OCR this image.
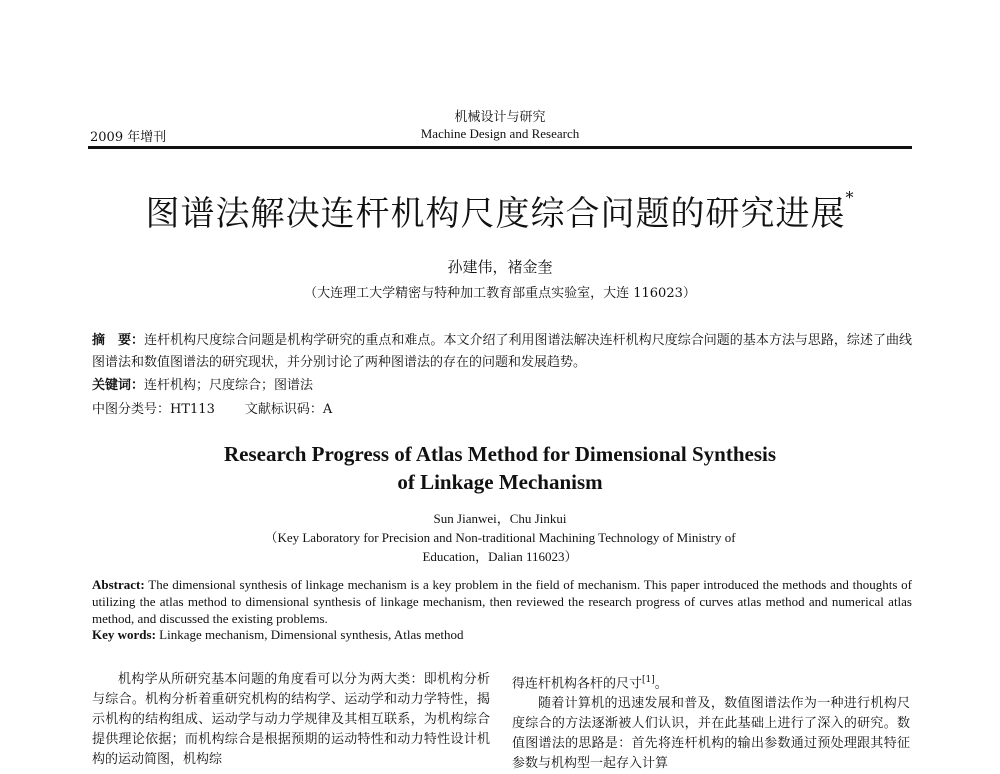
机械设计与研究
Machine Design and Research
2009 年增刊
图谱法解决连杆机构尺度综合问题的研究进展*
孙建伟，褚金奎
（大连理工大学精密与特种加工教育部重点实验室，大连 116023）
摘　要：连杆机构尺度综合问题是机构学研究的重点和难点。本文介绍了利用图谱法解决连杆机构尺度综合问题的基本方法与思路，综述了曲线图谱法和数值图谱法的研究现状，并分别讨论了两种图谱法的存在的问题和发展趋势。
关键词：连杆机构；尺度综合；图谱法
中图分类号：HT113 文献标识码：A
Research Progress of Atlas Method for Dimensional Synthesis
of Linkage Mechanism
Sun Jianwei，Chu Jinkui
（Key Laboratory for Precision and Non-traditional Machining Technology of Ministry of
Education，Dalian 116023）
Abstract: The dimensional synthesis of linkage mechanism is a key problem in the field of mechanism. This paper introduced the methods and thoughts of utilizing the atlas method to dimensional synthesis of linkage mechanism, then reviewed the research progress of curves atlas method and numerical atlas method, and discussed the existing problems.
Key words: Linkage mechanism, Dimensional synthesis, Atlas method

机构学从所研究基本问题的角度看可以分为两大类：即机构分析与综合。机构分析着重研究机构的结构学、运动学和动力学特性，揭示机构的结构组成、运动学与动力学规律及其相互联系，为机构综合提供理论依据；而机构综合是根据预期的运动特性和动力特性设计机构的运动简图，机构综

得连杆机构各杆的尺寸[1]。

随着计算机的迅速发展和普及，数值图谱法作为一种进行机构尺度综合的方法逐渐被人们认识，并在此基础上进行了深入的研究。数值图谱法的思路是：首先将连杆机构的输出参数通过预处理跟其特征参数与机构型一起存入计算
